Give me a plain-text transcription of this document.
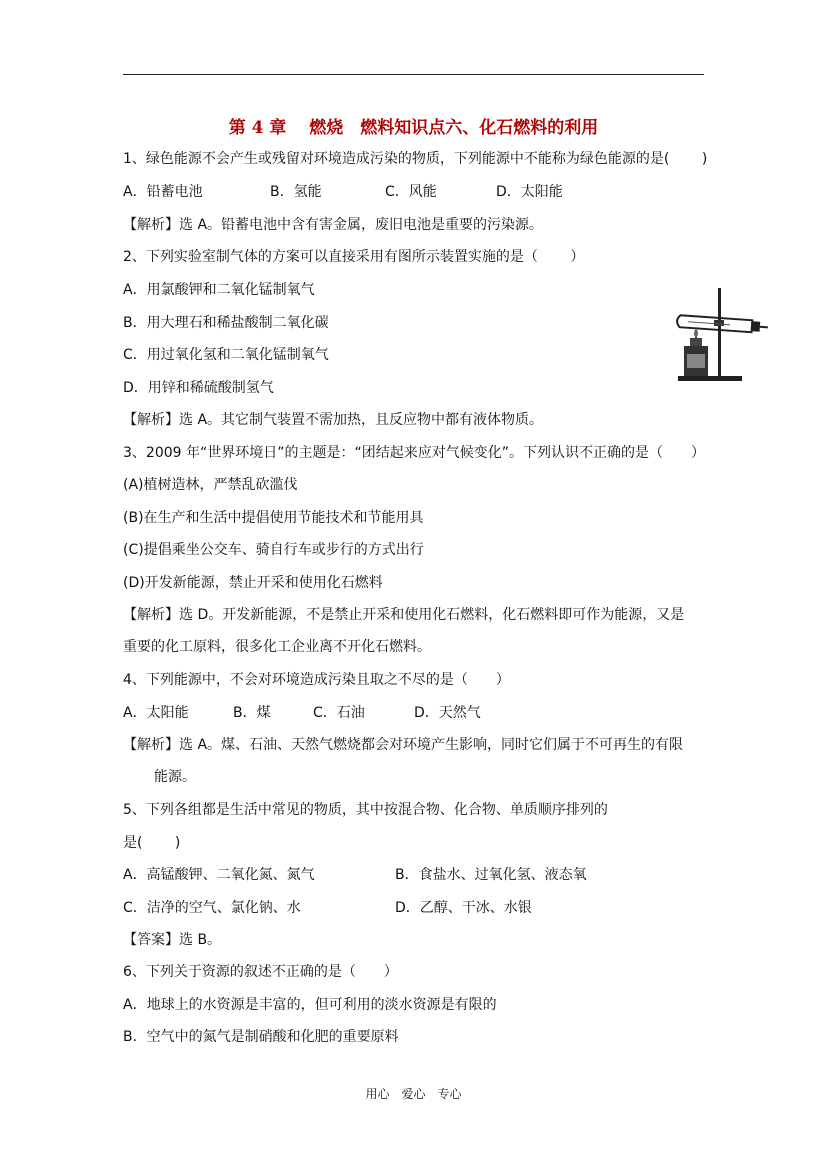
第 4 章　 燃烧　燃料知识点六、化石燃料的利用
1、绿色能源不会产生或残留对环境造成污染的物质，下列能源中不能称为绿色能源的是(　　 )
A．铅蓄电池	B．氢能	C．风能	D．太阳能
【解析】选 A。铅蓄电池中含有害金属，废旧电池是重要的污染源。
2、下列实验室制气体的方案可以直接采用有图所示装置实施的是（　　 ）
A．用氯酸钾和二氧化锰制氧气
B．用大理石和稀盐酸制二氧化碳
C．用过氧化氢和二氧化锰制氧气
D．用锌和稀硫酸制氢气
【解析】选 A。其它制气装置不需加热，且反应物中都有液体物质。
3、2009 年“世界环境日”的主题是：“团结起来应对气候变化”。下列认识不正确的是（　　）
(A)植树造林，严禁乱砍滥伐
(B)在生产和生活中提倡使用节能技术和节能用具
(C)提倡乘坐公交车、骑自行车或步行的方式出行
(D)开发新能源，禁止开采和使用化石燃料
【解析】选 D。开发新能源，不是禁止开采和使用化石燃料，化石燃料即可作为能源，又是
重要的化工原料，很多化工企业离不开化石燃料。
4、下列能源中，不会对环境造成污染且取之不尽的是（　　）
A．太阳能	B．煤	C．石油	D．天然气
【解析】选 A。煤、石油、天然气燃烧都会对环境产生影响，同时它们属于不可再生的有限
能源。
5、下列各组都是生活中常见的物质，其中按混合物、化合物、单质顺序排列的
是(　　 )
A．高锰酸钾、二氧化氮、氮气	B．食盐水、过氧化氢、液态氧
C．洁净的空气、氯化钠、水	D．乙醇、干冰、水银
【答案】选 B。
6、下列关于资源的叙述不正确的是（　　）
A．地球上的水资源是丰富的，但可利用的淡水资源是有限的
B．空气中的氮气是制硝酸和化肥的重要原料
用心　爱心　专心
